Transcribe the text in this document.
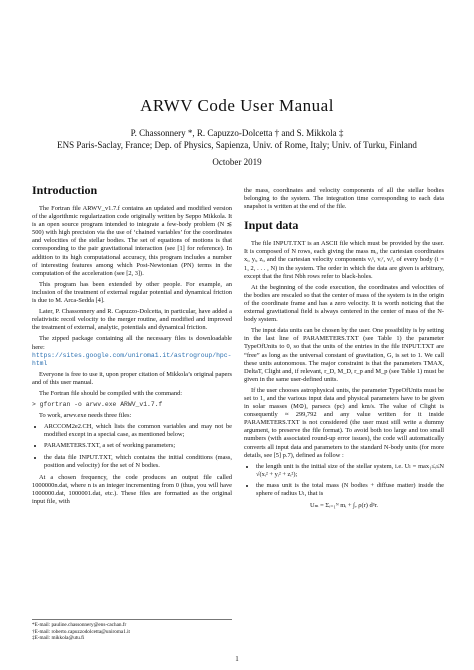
ARWV Code User Manual
P. Chassonnery *, R. Capuzzo-Dolcetta † and S. Mikkola ‡
ENS Paris-Saclay, France; Dep. of Physics, Sapienza, Univ. of Rome, Italy; Univ. of Turku, Finland
October 2019
Introduction

The Fortran file ARWV_v1.7.f contains an updated and modified version of the algorithmic regularization code originally written by Seppo Mikkola. It is an open source program intended to integrate a few-body problem (N ≲ 500) with high precision via the use of ‘chained variables’ for the coordinates and velocities of the stellar bodies. The set of equations of motions is that corresponding to the pair gravitational interaction (see [1] for reference). In addition to its high computational accuracy, this program includes a number of interesting features among which Post-Newtonian (PN) terms in the computation of the acceleration (see [2, 3]).

This program has been extended by other people. For example, an inclusion of the treatment of external regular potential and dynamical friction is due to M. Arca-Sedda [4].

Later, P. Chassonnery and R. Capuzzo-Dolcetta, in particular, have added a relativistic recoil velocity to the merger routine, and modified and improved the treatment of external, analytic, potentials and dynamical friction.

The zipped package containing all the necessary files is downloadable here: https://sites.google.com/uniroma1.it/astrogroup/hpc-html

Everyone is free to use it, upon proper citation of Mikkola’s original papers and of this user manual.

The Fortran file should be compiled with the command:

> gfortran -o arwv.exe ARWV_v1.7.f

To work, arwv.exe needs three files:

• ARCCOM2e2.CH, which lists the common variables and may not be modified except in a special case, as mentioned below;
• PARAMETERS.TXT, a set of working parameters;
• the data file INPUT.TXT, which contains the initial conditions (mass, position and velocity) for the set of N bodies.

At a chosen frequency, the code produces an output file called 1000000n.dat, where n is an integer incrementing from 0 (thus, you will have 1000000.dat, 1000001.dat, etc.). These files are formatted as the original input file, with

*E-mail: pauline.chassonnery@ens-cachan.fr
†E-mail: roberto.capuzzodolcetta@uniroma1.it
‡E-mail: mikkola@utu.fi

the mass, coordinates and velocity components of all the stellar bodies belonging to the system. The integration time corresponding to each data snapshot is written at the end of the file.

Input data

The file INPUT.TXT is an ASCII file which must be provided by the user. It is composed of N rows, each giving the mass mᵢ, the cartesian coordinates xᵢ, yᵢ, zᵢ, and the cartesian velocity components vᵢˣ, vᵢʸ, vᵢᶻ, of every body (i = 1, 2, . . . , N) in the system. The order in which the data are given is arbitrary, except that the first Nbh rows refer to black-holes.

At the beginning of the code execution, the coordinates and velocities of the bodies are rescaled so that the center of mass of the system is in the origin of the coordinate frame and has a zero velocity. It is worth noticing that the external gravitational field is always centered in the center of mass of the N-body system.

The input data units can be chosen by the user. One possibility is by setting in the last line of PARAMETERS.TXT (see Table 1) the parameter TypeOfUnits to 0, so that the units of the entries in the file INPUT.TXT are “free” as long as the universal constant of gravitation, G, is set to 1. We call these units autonomous. The major constraint is that the parameters TMAX, DeltaT, Clight and, if relevant, r_D, M_D, r_p and M_p (see Table 1) must be given in the same user-defined units.

If the user chooses astrophysical units, the parameter TypeOfUnits must be set to 1, and the various input data and physical parameters have to be given in solar masses (M⊙), parsecs (pc) and km/s. The value of Clight is consequently ≈ 299,792 and any value written for it inside PARAMETERS.TXT is not considered (the user must still write a dummy argument, to preserve the file format). To avoid both too large and too small numbers (with associated round-up error issues), the code will automatically converts all input data and parameters to the standard N-body units (for more details, see [5] p.7), defined as follow :

• the length unit is the initial size of the stellar system, i.e. Uₗ = max₁≤ᵢ≤N √(xᵢ² + yᵢ² + zᵢ²);
• the mass unit is the total mass (N bodies + diffuse matter) inside the sphere of radius Uₗ, that is
Uₘ = Σᵢ₌₁ᴺ mᵢ + ∫ᵥ ρ(r) d³r.
1
